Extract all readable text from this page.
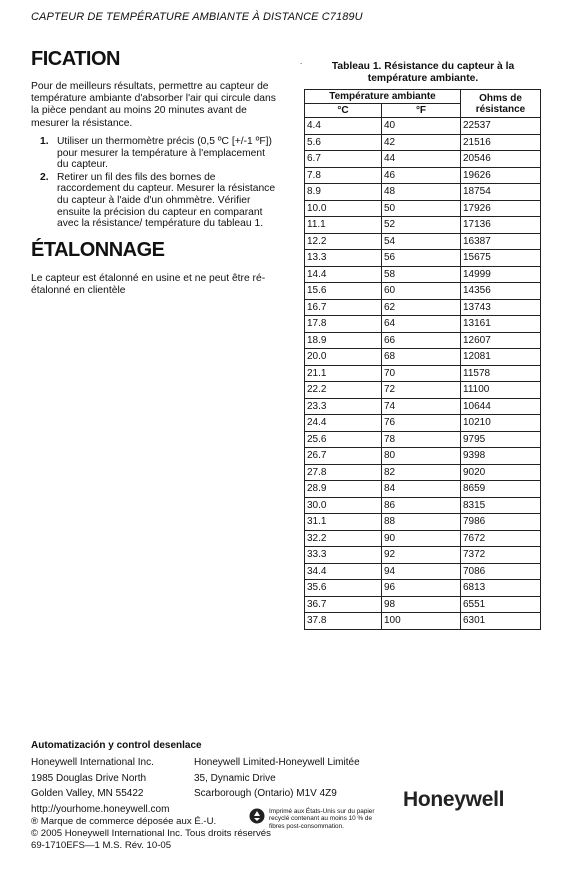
CAPTEUR DE TEMPÉRATURE AMBIANTE À DISTANCE C7189U
FICATION
Pour de meilleurs résultats, permettre au capteur de température ambiante d'absorber l'air qui circule dans la pièce pendant au moins 20 minutes avant de mesurer la résistance.
1. Utiliser un thermomètre précis (0,5 ºC [+/-1 ºF]) pour mesurer la température à l'emplacement du capteur.
2. Retirer un fil des fils des bornes de raccordement du capteur. Mesurer la résistance du capteur à l'aide d'un ohmmètre. Vérifier ensuite la précision du capteur en comparant avec la résistance/ température du tableau 1.
ÉTALONNAGE
Le capteur est étalonné en usine et ne peut être ré-étalonné en clientèle
.	Tableau 1. Résistance du capteur à la température ambiante.
Température ambiante		Ohms de résistance
°C	°F	
4.4	40	22537
5.6	42	21516
6.7	44	20546
7.8	46	19626
8.9	48	18754
10.0	50	17926
11.1	52	17136
12.2	54	16387
13.3	56	15675
14.4	58	14999
15.6	60	14356
16.7	62	13743
17.8	64	13161
18.9	66	12607
20.0	68	12081
21.1	70	11578
22.2	72	11100
23.3	74	10644
24.4	76	10210
25.6	78	9795
26.7	80	9398
27.8	82	9020
28.9	84	8659
30.0	86	8315
31.1	88	7986
32.2	90	7672
33.3	92	7372
34.4	94	7086
35.6	96	6813
36.7	98	6551
37.8	100	6301
Automatización y control desenlace
Honeywell International Inc.
1985 Douglas Drive North
Golden Valley, MN 55422
http://yourhome.honeywell.com
Honeywell Limited-Honeywell Limitée
35, Dynamic Drive
Scarborough (Ontario) M1V 4Z9
® Marque de commerce déposée aux É.-U.
© 2005 Honeywell International Inc. Tous droits réservés
69-1710EFS—1 M.S. Rév. 10-05
Imprimé aux États-Unis sur du papier recyclé contenant au moins 10 % de fibres post-consommation.
Honeywell
